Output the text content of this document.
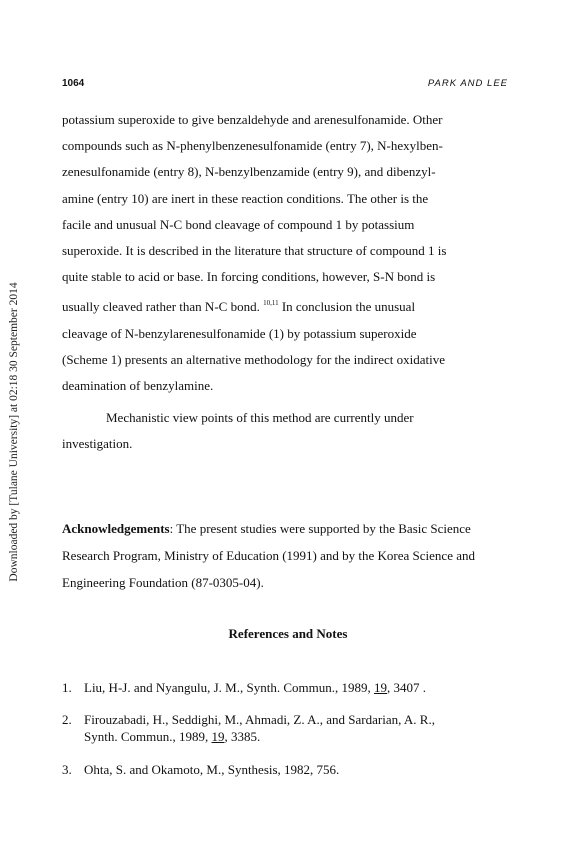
Downloaded by [Tulane University] at 02:18 30 September 2014
1064	PARK AND LEE
potassium superoxide to give benzaldehyde and arenesulfonamide. Other
compounds such as N-phenylbenzenesulfonamide (entry 7), N-hexylben-
zenesulfonamide (entry 8), N-benzylbenzamide (entry 9), and dibenzyl-
amine (entry 10) are inert in these reaction conditions. The other is the
facile and unusual N-C bond cleavage of compound 1 by potassium
superoxide. It is described in the literature that structure of compound 1 is
quite stable to acid or base. In forcing conditions, however, S-N bond is
usually cleaved rather than N-C bond. $^{10,11}$ In conclusion the unusual
cleavage of N-benzylarenesulfonamide (1) by potassium superoxide
(Scheme 1) presents an alternative methodology for the indirect oxidative
deamination of benzylamine.
Mechanistic view points of this method are currently under
investigation.
Acknowledgements: The present studies were supported by the Basic Science Research Program, Ministry of Education (1991) and by the Korea Science and Engineering Foundation (87-0305-04).
References and Notes
1. Liu, H-J. and Nyangulu, J. M., Synth. Commun., 1989, 19, 3407 .
2. Firouzabadi, H., Seddighi, M., Ahmadi, Z. A., and Sardarian, A. R.,
Synth. Commun., 1989, 19, 3385.
3. Ohta, S. and Okamoto, M., Synthesis, 1982, 756.
